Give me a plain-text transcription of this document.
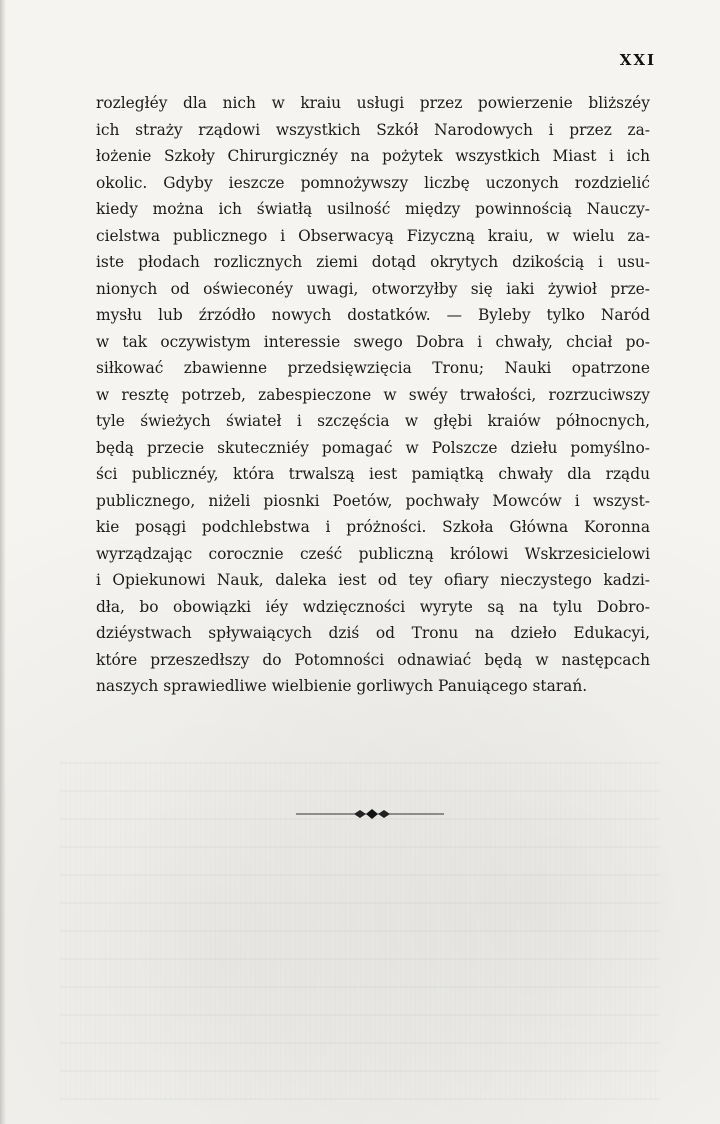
XXI
rozległéy dla nich w kraiu usługi przez powierzenie bliższéy
ich straży rządowi wszystkich Szkół Narodowych i przez za-
łożenie Szkoły Chirurgicznéy na pożytek wszystkich Miast i ich
okolic. Gdyby ieszcze pomnożywszy liczbę uczonych rozdzielić
kiedy można ich światłą usilność między powinnością Nauczy-
cielstwa publicznego i Obserwacyą Fizyczną kraiu, w wielu za-
iste płodach rozlicznych ziemi dotąd okrytych dzikością i usu-
nionych od oświeconéy uwagi, otworzyłby się iaki żywioł prze-
mysłu lub źrzódło nowych dostatków. — Byleby tylko Naród
w tak oczywistym interessie swego Dobra i chwały, chciał po-
siłkować zbawienne przedsięwzięcia Tronu; Nauki opatrzone
w resztę potrzeb, zabespieczone w swéy trwałości, rozrzuciwszy
tyle świeżych świateł i szczęścia w głębi kraiów północnych,
będą przecie skuteczniéy pomagać w Polszcze dziełu pomyślno-
ści publicznéy, która trwalszą iest pamiątką chwały dla rządu
publicznego, niżeli piosnki Poetów, pochwały Mowców i wszyst-
kie posągi podchlebstwa i próżności. Szkoła Główna Koronna
wyrządzając corocznie cześć publiczną królowi Wskrzesicielowi
i Opiekunowi Nauk, daleka iest od tey ofiary nieczystego kadzi-
dła, bo obowiązki iéy wdzięczności wyryte są na tylu Dobro-
dziéystwach spływaiących dziś od Tronu na dzieło Edukacyi,
które przeszedłszy do Potomności odnawiać będą w następcach
naszych sprawiedliwe wielbienie gorliwych Panuiącego starań.
